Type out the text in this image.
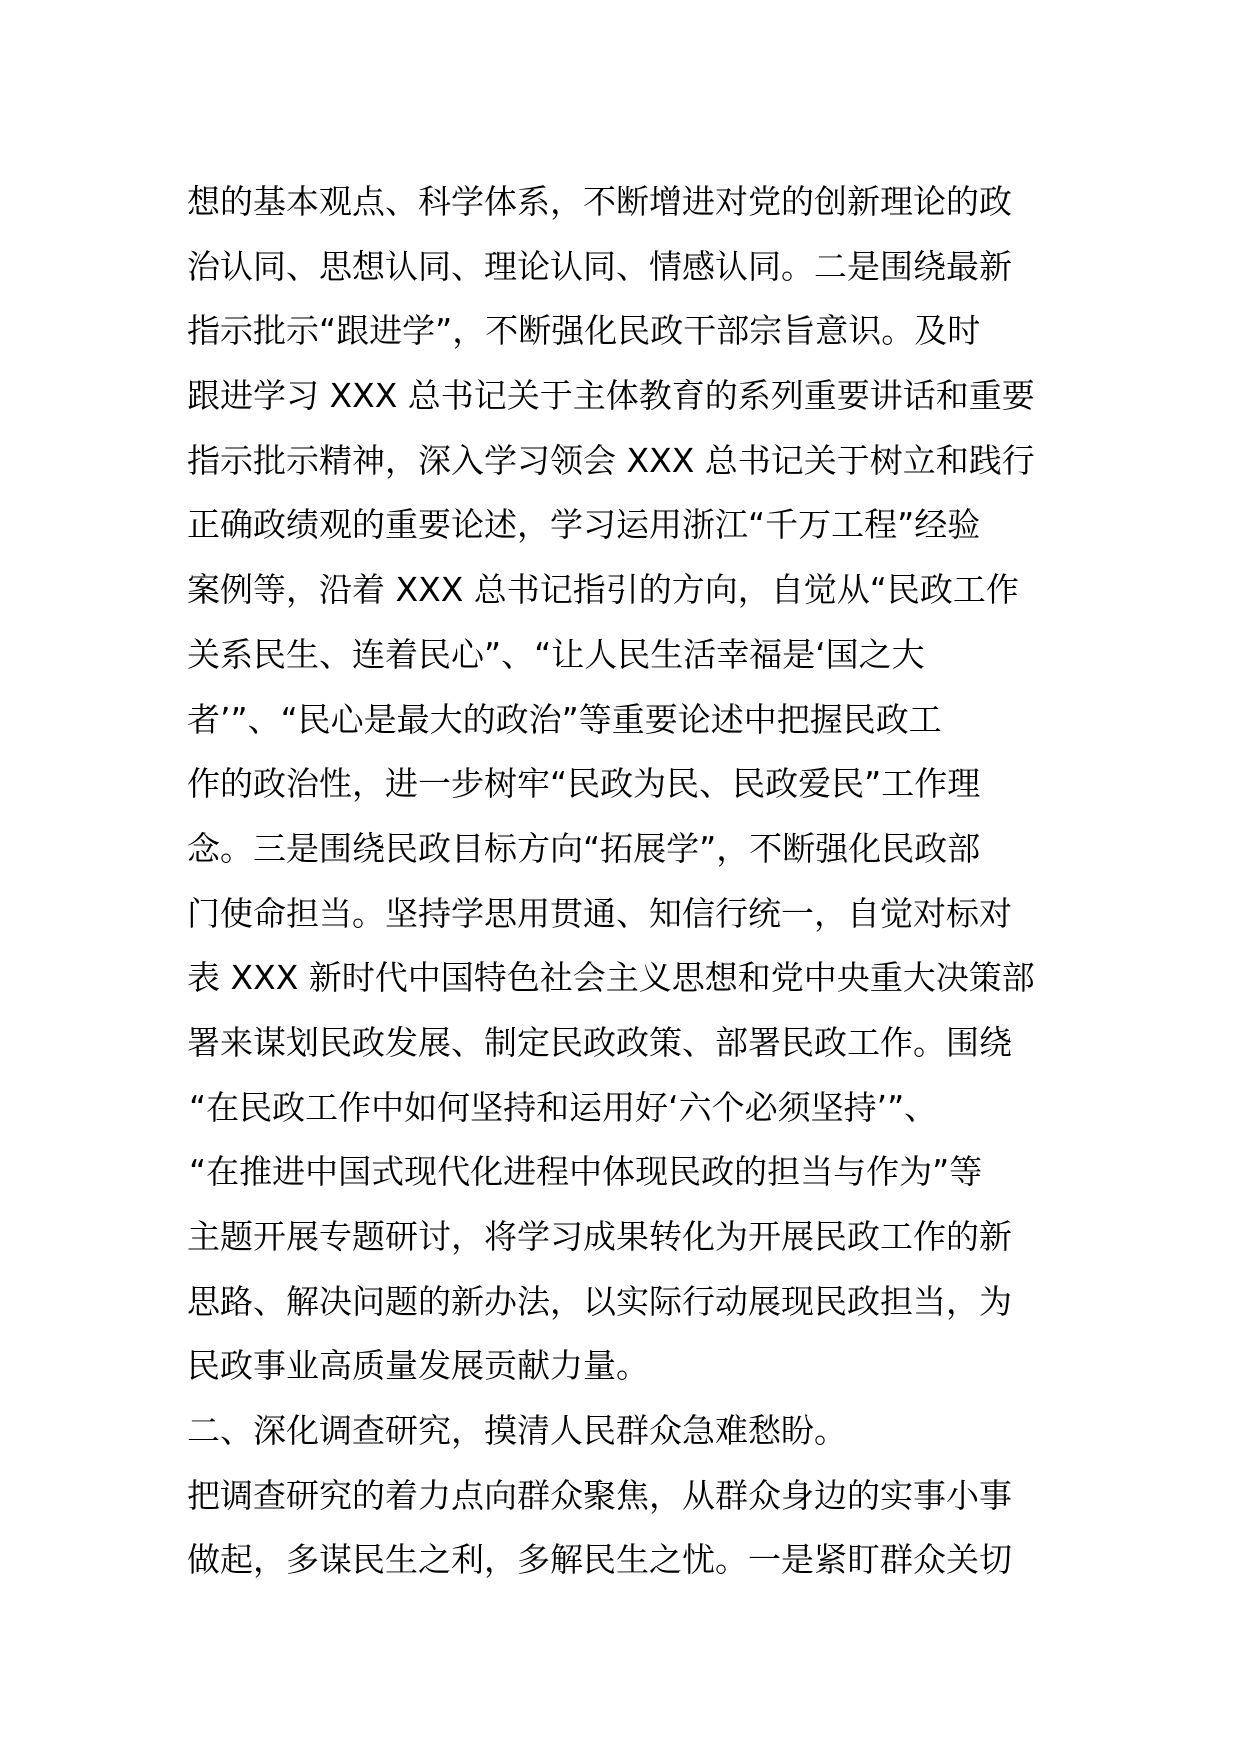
想的基本观点、科学体系，不断增进对党的创新理论的政
治认同、思想认同、理论认同、情感认同。二是围绕最新
指示批示“跟进学”，不断强化民政干部宗旨意识。及时
跟进学习 XXX 总书记关于主体教育的系列重要讲话和重要
指示批示精神，深入学习领会 XXX 总书记关于树立和践行
正确政绩观的重要论述，学习运用浙江“千万工程”经验
案例等，沿着 XXX 总书记指引的方向，自觉从“民政工作
关系民生、连着民心”、“让人民生活幸福是‘国之大
者’”、“民心是最大的政治”等重要论述中把握民政工
作的政治性，进一步树牢“民政为民、民政爱民”工作理
念。三是围绕民政目标方向“拓展学”，不断强化民政部
门使命担当。坚持学思用贯通、知信行统一，自觉对标对
表 XXX 新时代中国特色社会主义思想和党中央重大决策部
署来谋划民政发展、制定民政政策、部署民政工作。围绕
“在民政工作中如何坚持和运用好‘六个必须坚持’”、
“在推进中国式现代化进程中体现民政的担当与作为”等
主题开展专题研讨，将学习成果转化为开展民政工作的新
思路、解决问题的新办法，以实际行动展现民政担当，为
民政事业高质量发展贡献力量。
二、深化调查研究，摸清人民群众急难愁盼。
把调查研究的着力点向群众聚焦，从群众身边的实事小事
做起，多谋民生之利，多解民生之忧。一是紧盯群众关切
